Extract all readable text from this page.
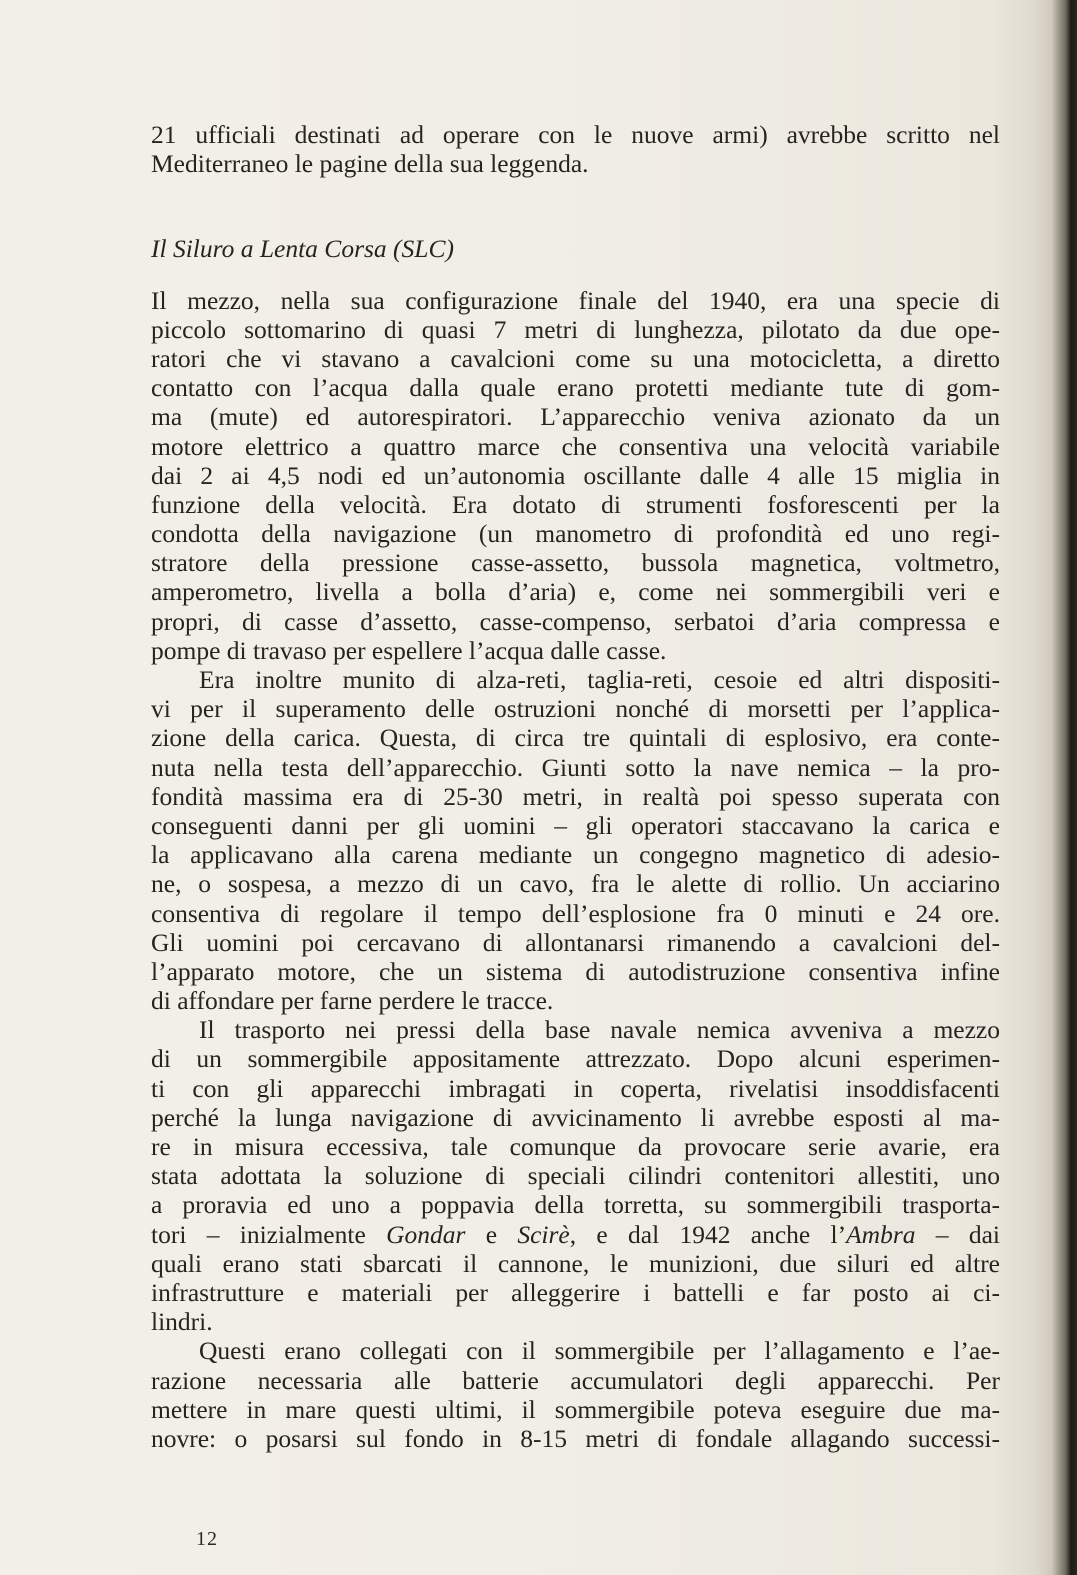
21 ufficiali destinati ad operare con le nuove armi) avrebbe scritto nel
Mediterraneo le pagine della sua leggenda.
Il Siluro a Lenta Corsa (SLC)
Il mezzo, nella sua configurazione finale del 1940, era una specie di
piccolo sottomarino di quasi 7 metri di lunghezza, pilotato da due ope-
ratori che vi stavano a cavalcioni come su una motocicletta, a diretto
contatto con l’acqua dalla quale erano protetti mediante tute di gom-
ma (mute) ed autorespiratori. L’apparecchio veniva azionato da un
motore elettrico a quattro marce che consentiva una velocità variabile
dai 2 ai 4,5 nodi ed un’autonomia oscillante dalle 4 alle 15 miglia in
funzione della velocità. Era dotato di strumenti fosforescenti per la
condotta della navigazione (un manometro di profondità ed uno regi-
stratore della pressione casse-assetto, bussola magnetica, voltmetro,
amperometro, livella a bolla d’aria) e, come nei sommergibili veri e
propri, di casse d’assetto, casse-compenso, serbatoi d’aria compressa e
pompe di travaso per espellere l’acqua dalle casse.
Era inoltre munito di alza-reti, taglia-reti, cesoie ed altri dispositi-
vi per il superamento delle ostruzioni nonché di morsetti per l’applica-
zione della carica. Questa, di circa tre quintali di esplosivo, era conte-
nuta nella testa dell’apparecchio. Giunti sotto la nave nemica – la pro-
fondità massima era di 25-30 metri, in realtà poi spesso superata con
conseguenti danni per gli uomini – gli operatori staccavano la carica e
la applicavano alla carena mediante un congegno magnetico di adesio-
ne, o sospesa, a mezzo di un cavo, fra le alette di rollio. Un acciarino
consentiva di regolare il tempo dell’esplosione fra 0 minuti e 24 ore.
Gli uomini poi cercavano di allontanarsi rimanendo a cavalcioni del-
l’apparato motore, che un sistema di autodistruzione consentiva infine
di affondare per farne perdere le tracce.
Il trasporto nei pressi della base navale nemica avveniva a mezzo
di un sommergibile appositamente attrezzato. Dopo alcuni esperimen-
ti con gli apparecchi imbragati in coperta, rivelatisi insoddisfacenti
perché la lunga navigazione di avvicinamento li avrebbe esposti al ma-
re in misura eccessiva, tale comunque da provocare serie avarie, era
stata adottata la soluzione di speciali cilindri contenitori allestiti, uno
a proravia ed uno a poppavia della torretta, su sommergibili trasporta-
tori – inizialmente Gondar e Scirè, e dal 1942 anche l’Ambra – dai
quali erano stati sbarcati il cannone, le munizioni, due siluri ed altre
infrastrutture e materiali per alleggerire i battelli e far posto ai ci-
lindri.
Questi erano collegati con il sommergibile per l’allagamento e l’ae-
razione necessaria alle batterie accumulatori degli apparecchi. Per
mettere in mare questi ultimi, il sommergibile poteva eseguire due ma-
novre: o posarsi sul fondo in 8-15 metri di fondale allagando successi-
12
